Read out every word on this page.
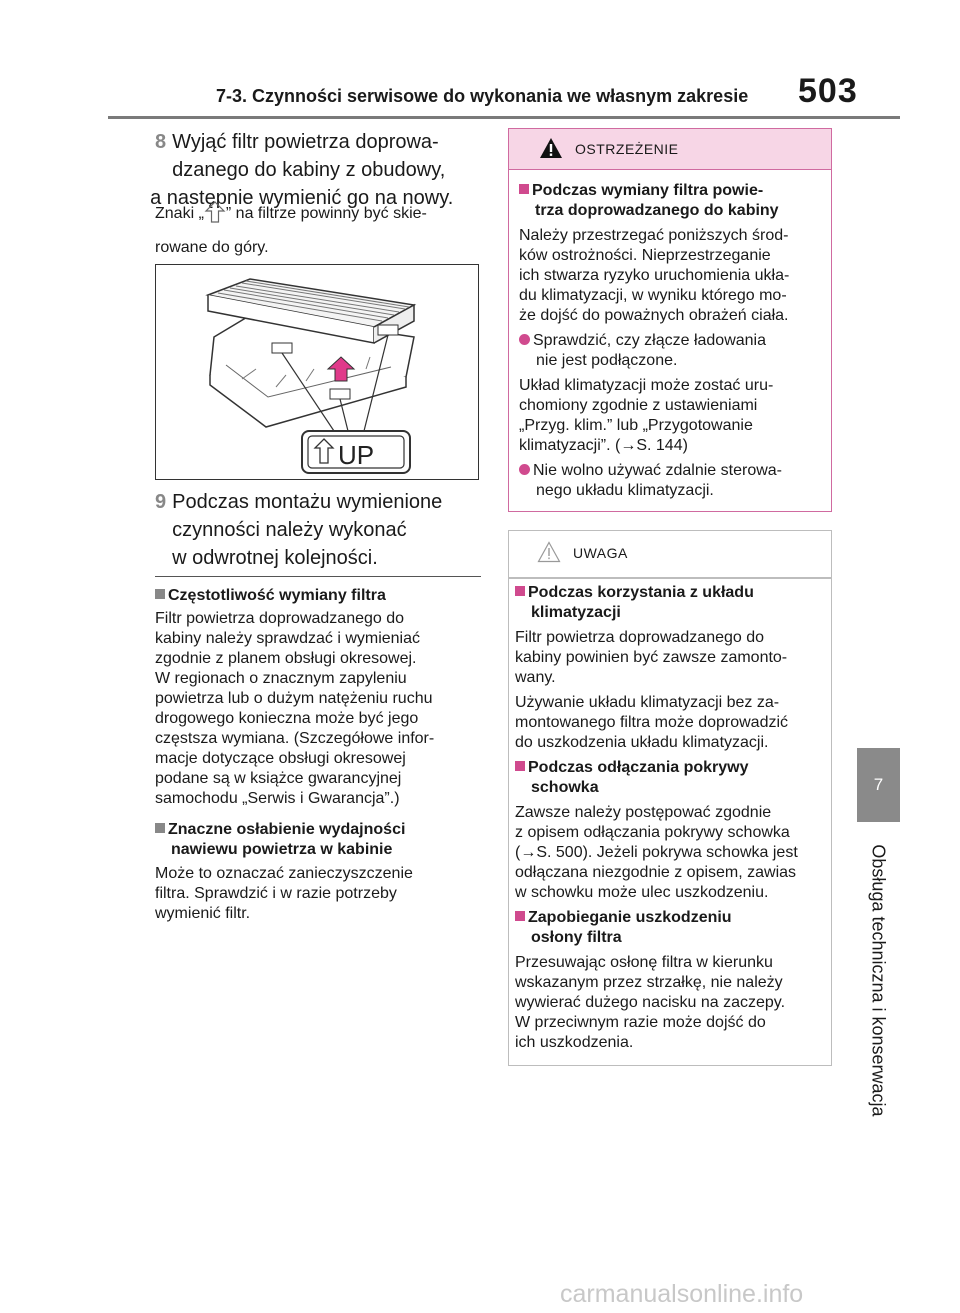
7-3. Czynności serwisowe do wykonania we własnym zakresie 503
7
Obsługa techniczna i konserwacja
8 Wyjąć filtr powietrza doprowa-
dzanego do kabiny z obudowy,
a następnie wymienić go na nowy.
Znaki „ ” na filtrze powinny być skie-
rowane do góry.
UP
9 Podczas montażu wymienione
czynności należy wykonać
w odwrotnej kolejności.
Częstotliwość wymiany filtra
Filtr powietrza doprowadzanego do
kabiny należy sprawdzać i wymieniać
zgodnie z planem obsługi okresowej.
W regionach o znacznym zapyleniu
powietrza lub o dużym natężeniu ruchu
drogowego konieczna może być jego
częstsza wymiana. (Szczegółowe infor-
macje dotyczące obsługi okresowej
podane są w książce gwarancyjnej
samochodu „Serwis i Gwarancja”.)
Znaczne osłabienie wydajności
nawiewu powietrza w kabinie
Może to oznaczać zanieczyszczenie
filtra. Sprawdzić i w razie potrzeby
wymienić filtr.
OSTRZEŻENIE
Podczas wymiany filtra powie-
trza doprowadzanego do kabiny
Należy przestrzegać poniższych środ-
ków ostrożności. Nieprzestrzeganie
ich stwarza ryzyko uruchomienia ukła-
du klimatyzacji, w wyniku którego mo-
że dojść do poważnych obrażeń ciała.
Sprawdzić, czy złącze ładowania
nie jest podłączone.
Układ klimatyzacji może zostać uru-
chomiony zgodnie z ustawieniami
„Przyg. klim.” lub „Przygotowanie
klimatyzacji”. (→S. 144)
Nie wolno używać zdalnie sterowa-
nego układu klimatyzacji.
UWAGA
Podczas korzystania z układu
klimatyzacji
Filtr powietrza doprowadzanego do
kabiny powinien być zawsze zamonto-
wany.
Używanie układu klimatyzacji bez za-
montowanego filtra może doprowadzić
do uszkodzenia układu klimatyzacji.
Podczas odłączania pokrywy
schowka
Zawsze należy postępować zgodnie
z opisem odłączania pokrywy schowka
(→S. 500). Jeżeli pokrywa schowka jest
odłączana niezgodnie z opisem, zawias
w schowku może ulec uszkodzeniu.
Zapobieganie uszkodzeniu
osłony filtra
Przesuwając osłonę filtra w kierunku
wskazanym przez strzałkę, nie należy
wywierać dużego nacisku na zaczepy.
W przeciwnym razie może dojść do
ich uszkodzenia.
carmanualsonline.info
